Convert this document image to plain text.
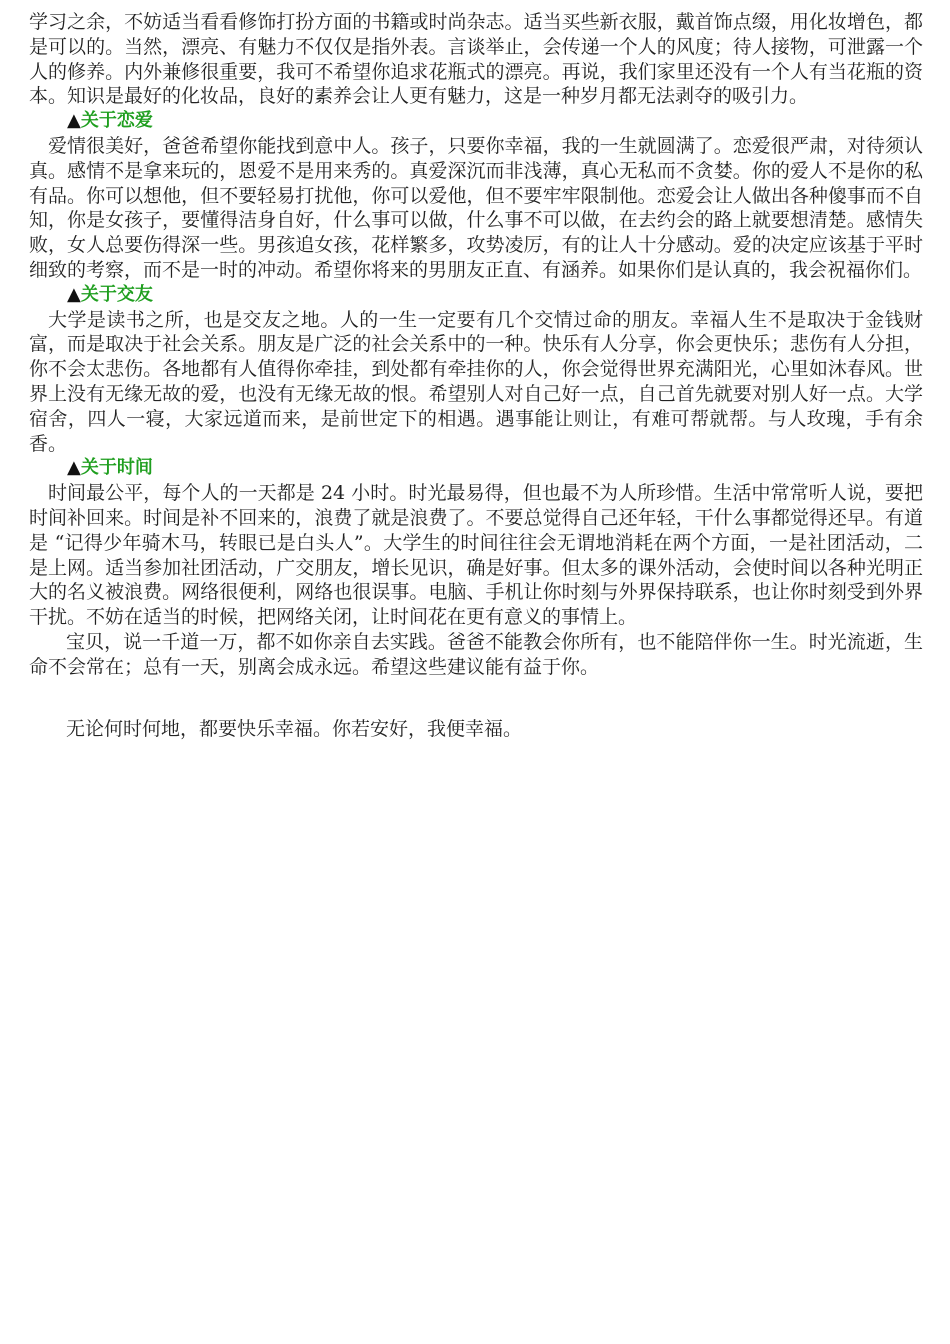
学习之余，不妨适当看看修饰打扮方面的书籍或时尚杂志。适当买些新衣服，戴首饰点缀，用化妆增色，都是可以的。当然，漂亮、有魅力不仅仅是指外表。言谈举止，会传递一个人的风度；待人接物，可泄露一个人的修养。内外兼修很重要，我可不希望你追求花瓶式的漂亮。再说，我们家里还没有一个人有当花瓶的资本。知识是最好的化妆品，良好的素养会让人更有魅力，这是一种岁月都无法剥夺的吸引力。

▲关于恋爱

爱情很美好，爸爸希望你能找到意中人。孩子，只要你幸福，我的一生就圆满了。恋爱很严肃，对待须认真。感情不是拿来玩的，恩爱不是用来秀的。真爱深沉而非浅薄，真心无私而不贪婪。你的爱人不是你的私有品。你可以想他，但不要轻易打扰他，你可以爱他，但不要牢牢限制他。恋爱会让人做出各种傻事而不自知，你是女孩子，要懂得洁身自好，什么事可以做，什么事不可以做，在去约会的路上就要想清楚。感情失败，女人总要伤得深一些。男孩追女孩，花样繁多，攻势凌厉，有的让人十分感动。爱的决定应该基于平时细致的考察，而不是一时的冲动。希望你将来的男朋友正直、有涵养。如果你们是认真的，我会祝福你们。

▲关于交友

大学是读书之所，也是交友之地。人的一生一定要有几个交情过命的朋友。幸福人生不是取决于金钱财富，而是取决于社会关系。朋友是广泛的社会关系中的一种。快乐有人分享，你会更快乐；悲伤有人分担，你不会太悲伤。各地都有人值得你牵挂，到处都有牵挂你的人，你会觉得世界充满阳光，心里如沐春风。世界上没有无缘无故的爱，也没有无缘无故的恨。希望别人对自己好一点，自己首先就要对别人好一点。大学宿舍，四人一寝，大家远道而来，是前世定下的相遇。遇事能让则让，有难可帮就帮。与人玫瑰，手有余香。

▲关于时间

时间最公平，每个人的一天都是 24 小时。时光最易得，但也最不为人所珍惜。生活中常常听人说，要把时间补回来。时间是补不回来的，浪费了就是浪费了。不要总觉得自己还年轻，干什么事都觉得还早。有道是 “记得少年骑木马，转眼已是白头人”。大学生的时间往往会无谓地消耗在两个方面，一是社团活动，二是上网。适当参加社团活动，广交朋友，增长见识，确是好事。但太多的课外活动，会使时间以各种光明正大的名义被浪费。网络很便利，网络也很误事。电脑、手机让你时刻与外界保持联系，也让你时刻受到外界干扰。不妨在适当的时候，把网络关闭，让时间花在更有意义的事情上。

宝贝，说一千道一万，都不如你亲自去实践。爸爸不能教会你所有，也不能陪伴你一生。时光流逝，生命不会常在；总有一天，别离会成永远。希望这些建议能有益于你。

无论何时何地，都要快乐幸福。你若安好，我便幸福。
